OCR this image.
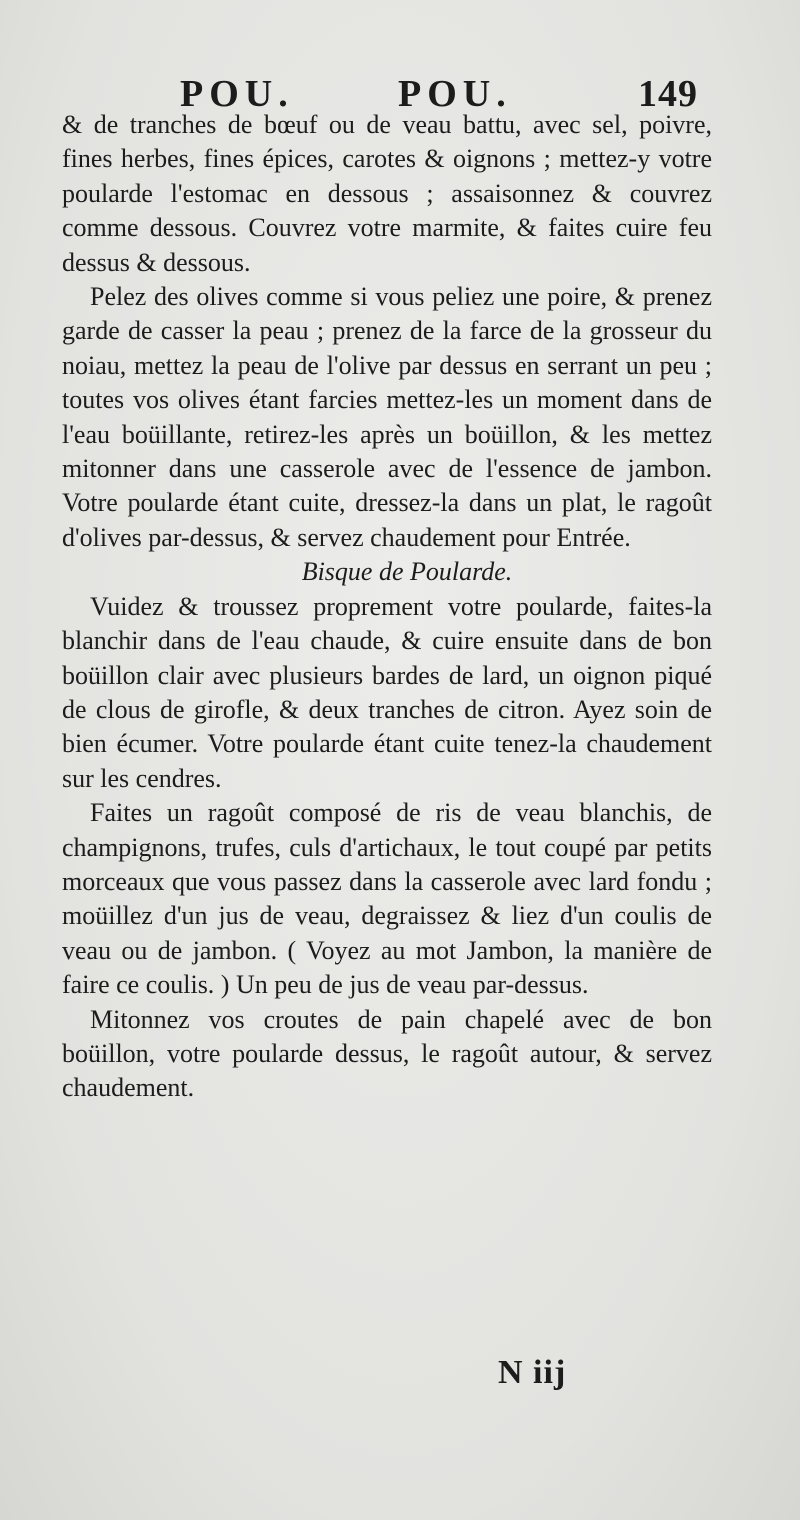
POU.	POU.	149

& de tranches de bœuf ou de veau battu, avec sel, poivre, fines herbes, fines épices, carotes & oignons ; mettez-y votre poularde l'estomac en dessous ; assaisonnez & couvrez comme dessous. Couvrez votre marmite, & faites cuire feu dessus & dessous.

Pelez des olives comme si vous peliez une poire, & prenez garde de casser la peau ; prenez de la farce de la grosseur du noiau, mettez la peau de l'olive par dessus en serrant un peu ; toutes vos olives étant farcies mettez-les un moment dans de l'eau boüillante, retirez-les après un boüillon, & les mettez mitonner dans une casserole avec de l'essence de jambon. Votre poularde étant cuite, dressez-la dans un plat, le ragoût d'olives par-dessus, & servez chaudement pour Entrée.

Bisque de Poularde.

Vuidez & troussez proprement votre poularde, faites-la blanchir dans de l'eau chaude, & cuire ensuite dans de bon boüillon clair avec plusieurs bardes de lard, un oignon piqué de clous de girofle, & deux tranches de citron. Ayez soin de bien écumer. Votre poularde étant cuite tenez-la chaudement sur les cendres.

Faites un ragoût composé de ris de veau blanchis, de champignons, trufes, culs d'artichaux, le tout coupé par petits morceaux que vous passez dans la casserole avec lard fondu ; moüillez d'un jus de veau, degraissez & liez d'un coulis de veau ou de jambon. ( Voyez au mot Jambon, la manière de faire ce coulis. ) Un peu de jus de veau par-dessus.

Mitonnez vos croutes de pain chapelé avec de bon boüillon, votre poularde dessus, le ragoût autour, & servez chaudement.

N iij
